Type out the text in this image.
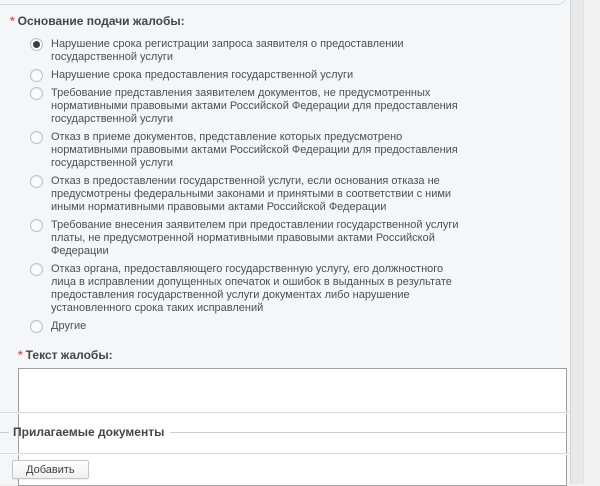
* Основание подачи жалобы:
Нарушение срока регистрации запроса заявителя о предоставлении государственной услуги
Нарушение срока предоставления государственной услуги
Требование представления заявителем документов, не предусмотренных нормативными правовыми актами Российской Федерации для предоставления государственной услуги
Отказ в приеме документов, представление которых предусмотрено нормативными правовыми актами Российской Федерации для предоставления государственной услуги
Отказ в предоставлении государственной услуги, если основания отказа не предусмотрены федеральными законами и принятыми в соответствии с ними иными нормативными правовыми актами Российской Федерации
Требование внесения заявителем при предоставлении государственной услуги платы, не предусмотренной нормативными правовыми актами Российской Федерации
Отказ органа, предоставляющего государственную услугу, его должностного лица в исправлении допущенных опечаток и ошибок в выданных в результате предоставления государственной услуги документах либо нарушение установленного срока таких исправлений
Другие
* Текст жалобы:
Прилагаемые документы
Добавить
